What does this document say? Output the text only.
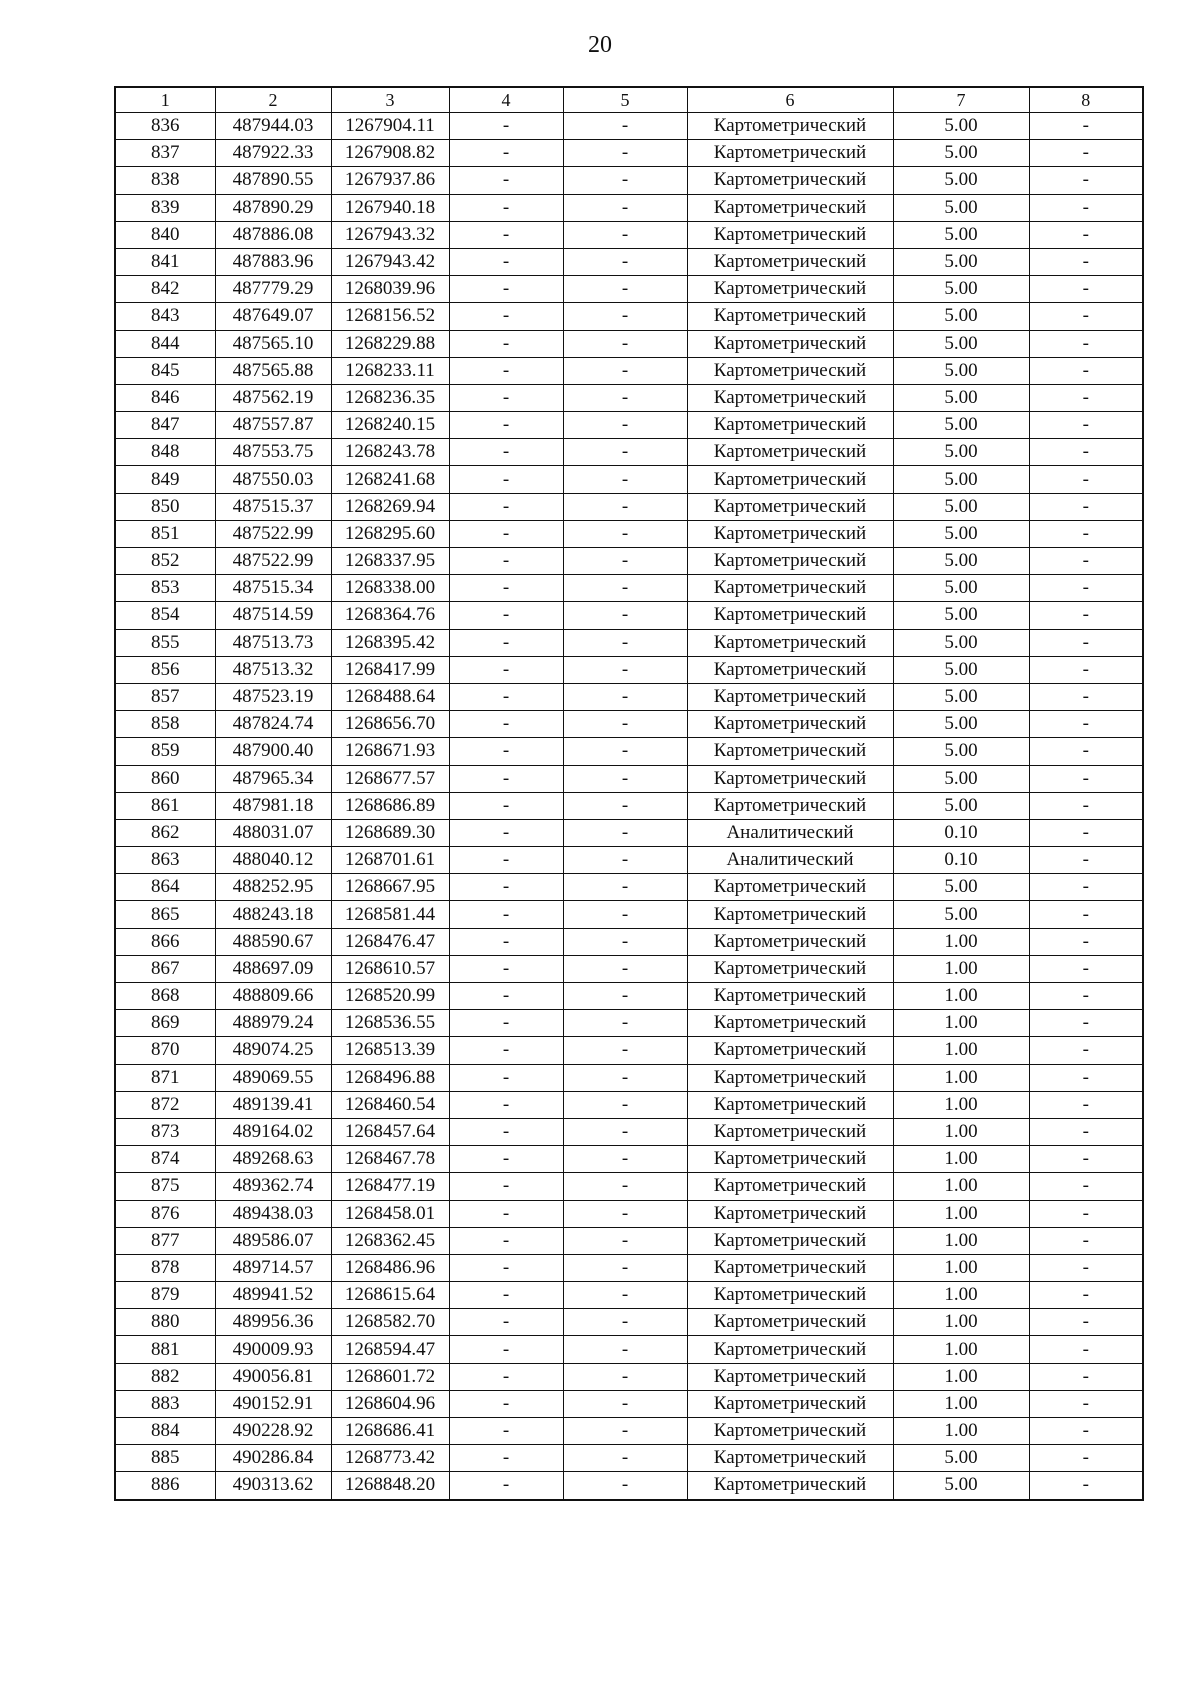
20
1	2	3	4	5	6	7	8
836	487944.03	1267904.11	-	-	Картометрический	5.00	-
837	487922.33	1267908.82	-	-	Картометрический	5.00	-
838	487890.55	1267937.86	-	-	Картометрический	5.00	-
839	487890.29	1267940.18	-	-	Картометрический	5.00	-
840	487886.08	1267943.32	-	-	Картометрический	5.00	-
841	487883.96	1267943.42	-	-	Картометрический	5.00	-
842	487779.29	1268039.96	-	-	Картометрический	5.00	-
843	487649.07	1268156.52	-	-	Картометрический	5.00	-
844	487565.10	1268229.88	-	-	Картометрический	5.00	-
845	487565.88	1268233.11	-	-	Картометрический	5.00	-
846	487562.19	1268236.35	-	-	Картометрический	5.00	-
847	487557.87	1268240.15	-	-	Картометрический	5.00	-
848	487553.75	1268243.78	-	-	Картометрический	5.00	-
849	487550.03	1268241.68	-	-	Картометрический	5.00	-
850	487515.37	1268269.94	-	-	Картометрический	5.00	-
851	487522.99	1268295.60	-	-	Картометрический	5.00	-
852	487522.99	1268337.95	-	-	Картометрический	5.00	-
853	487515.34	1268338.00	-	-	Картометрический	5.00	-
854	487514.59	1268364.76	-	-	Картометрический	5.00	-
855	487513.73	1268395.42	-	-	Картометрический	5.00	-
856	487513.32	1268417.99	-	-	Картометрический	5.00	-
857	487523.19	1268488.64	-	-	Картометрический	5.00	-
858	487824.74	1268656.70	-	-	Картометрический	5.00	-
859	487900.40	1268671.93	-	-	Картометрический	5.00	-
860	487965.34	1268677.57	-	-	Картометрический	5.00	-
861	487981.18	1268686.89	-	-	Картометрический	5.00	-
862	488031.07	1268689.30	-	-	Аналитический	0.10	-
863	488040.12	1268701.61	-	-	Аналитический	0.10	-
864	488252.95	1268667.95	-	-	Картометрический	5.00	-
865	488243.18	1268581.44	-	-	Картометрический	5.00	-
866	488590.67	1268476.47	-	-	Картометрический	1.00	-
867	488697.09	1268610.57	-	-	Картометрический	1.00	-
868	488809.66	1268520.99	-	-	Картометрический	1.00	-
869	488979.24	1268536.55	-	-	Картометрический	1.00	-
870	489074.25	1268513.39	-	-	Картометрический	1.00	-
871	489069.55	1268496.88	-	-	Картометрический	1.00	-
872	489139.41	1268460.54	-	-	Картометрический	1.00	-
873	489164.02	1268457.64	-	-	Картометрический	1.00	-
874	489268.63	1268467.78	-	-	Картометрический	1.00	-
875	489362.74	1268477.19	-	-	Картометрический	1.00	-
876	489438.03	1268458.01	-	-	Картометрический	1.00	-
877	489586.07	1268362.45	-	-	Картометрический	1.00	-
878	489714.57	1268486.96	-	-	Картометрический	1.00	-
879	489941.52	1268615.64	-	-	Картометрический	1.00	-
880	489956.36	1268582.70	-	-	Картометрический	1.00	-
881	490009.93	1268594.47	-	-	Картометрический	1.00	-
882	490056.81	1268601.72	-	-	Картометрический	1.00	-
883	490152.91	1268604.96	-	-	Картометрический	1.00	-
884	490228.92	1268686.41	-	-	Картометрический	1.00	-
885	490286.84	1268773.42	-	-	Картометрический	5.00	-
886	490313.62	1268848.20	-	-	Картометрический	5.00	-
